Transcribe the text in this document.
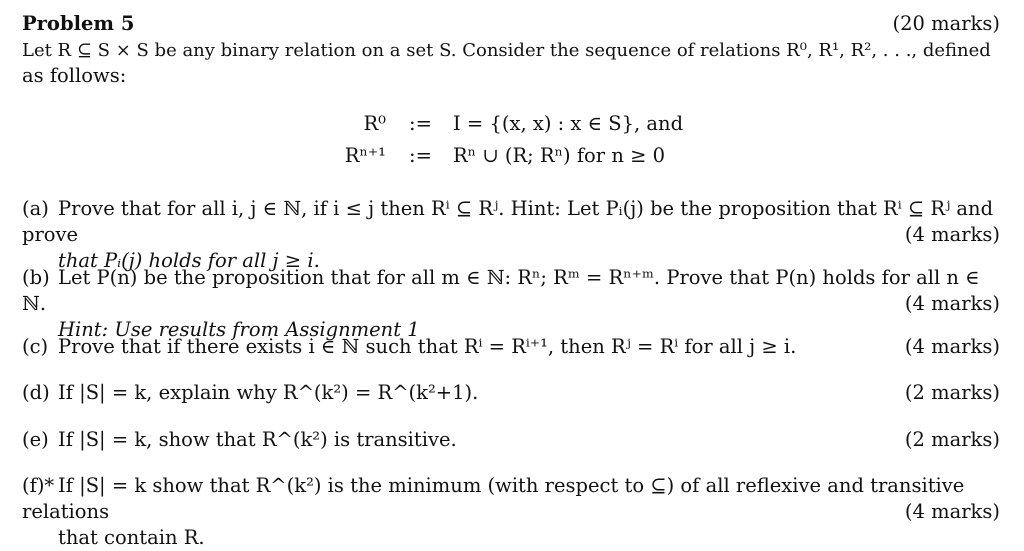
Problem 5	(20 marks)
Let R ⊆ S × S be any binary relation on a set S. Consider the sequence of relations R⁰, R¹, R², . . ., defined
as follows:
R⁰ := I = {(x, x) : x ∈ S}, and
Rⁿ⁺¹ := Rⁿ ∪ (R; Rⁿ) for n ≥ 0
(a) Prove that for all i, j ∈ ℕ, if i ≤ j then Rⁱ ⊆ Rʲ. Hint: Let Pᵢ(j) be the proposition that Rⁱ ⊆ Rʲ and prove
that Pᵢ(j) holds for all j ≥ i.
(4 marks)
(b) Let P(n) be the proposition that for all m ∈ ℕ: Rⁿ; Rᵐ = Rⁿ⁺ᵐ. Prove that P(n) holds for all n ∈ ℕ.
Hint: Use results from Assignment 1
(4 marks)
(c) Prove that if there exists i ∈ ℕ such that Rⁱ = Rⁱ⁺¹, then Rʲ = Rⁱ for all j ≥ i.	(4 marks)
(d) If |S| = k, explain why R^(k²) = R^(k²+1).	(2 marks)
(e) If |S| = k, show that R^(k²) is transitive.	(2 marks)
(f)* If |S| = k show that R^(k²) is the minimum (with respect to ⊆) of all reflexive and transitive relations
that contain R.
(4 marks)
